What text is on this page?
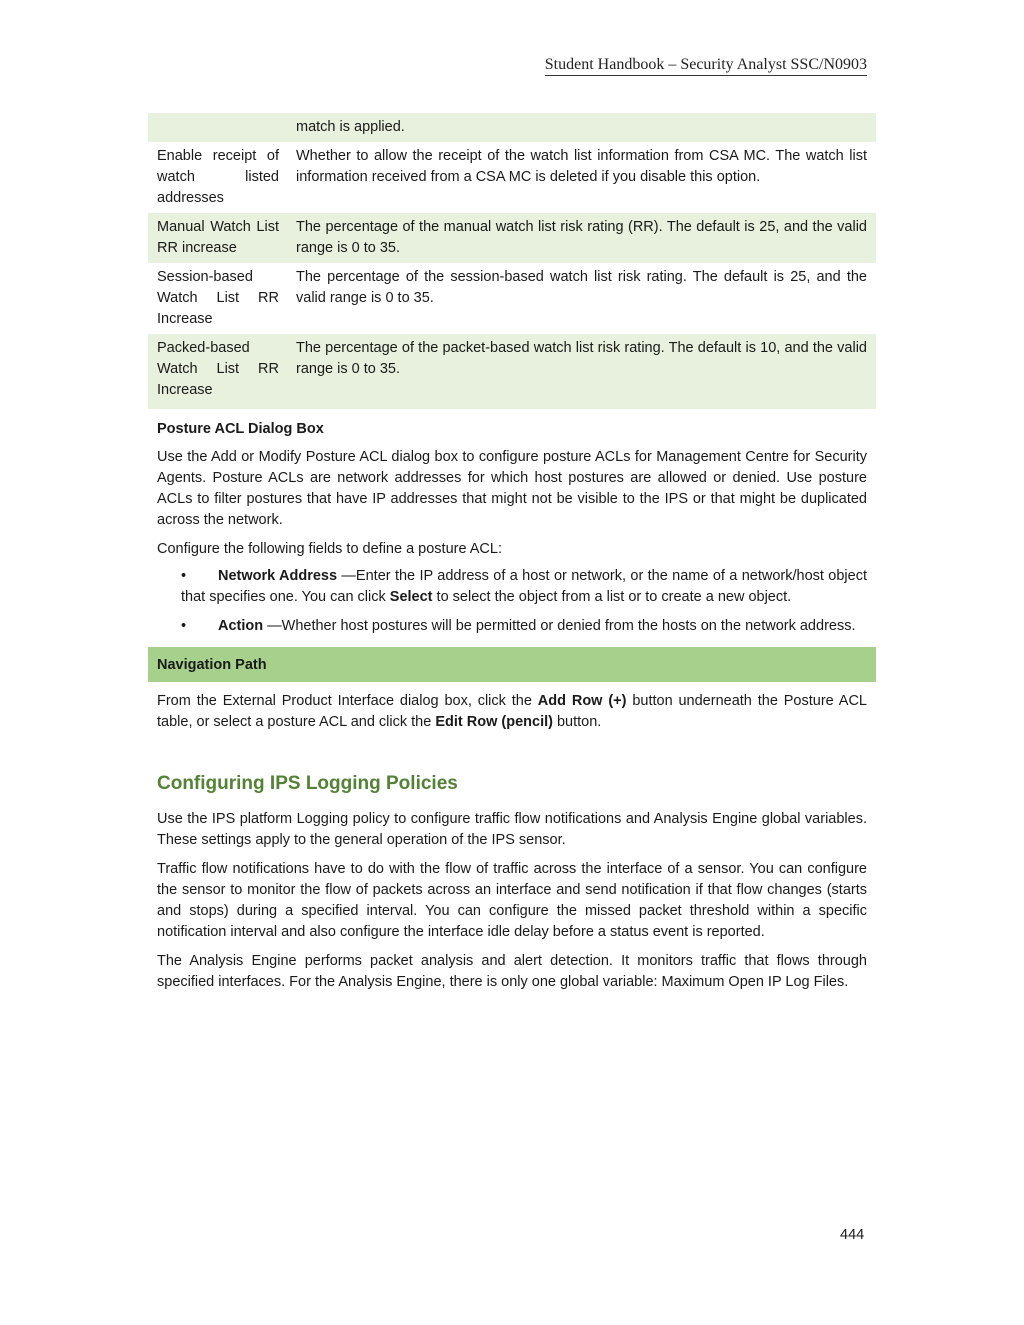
Student Handbook – Security Analyst SSC/N0903
	match is applied.
Enable receipt of watch listed addresses	Whether to allow the receipt of the watch list information from CSA MC. The watch list information received from a CSA MC is deleted if you disable this option.
Manual Watch List RR increase	The percentage of the manual watch list risk rating (RR). The default is 25, and the valid range is 0 to 35.
Session-based Watch List RR Increase	The percentage of the session-based watch list risk rating. The default is 25, and the valid range is 0 to 35.
Packed-based Watch List RR Increase	The percentage of the packet-based watch list risk rating. The default is 10, and the valid range is 0 to 35.
Posture ACL Dialog Box

Use the Add or Modify Posture ACL dialog box to configure posture ACLs for Management Centre for Security Agents. Posture ACLs are network addresses for which host postures are allowed or denied. Use posture ACLs to filter postures that have IP addresses that might not be visible to the IPS or that might be duplicated across the network.

Configure the following fields to define a posture ACL:

• Network Address —Enter the IP address of a host or network, or the name of a network/host object that specifies one. You can click Select to select the object from a list or to create a new object.
• Action —Whether host postures will be permitted or denied from the hosts on the network address.
Navigation Path

From the External Product Interface dialog box, click the Add Row (+) button underneath the Posture ACL table, or select a posture ACL and click the Edit Row (pencil) button.

Configuring IPS Logging Policies

Use the IPS platform Logging policy to configure traffic flow notifications and Analysis Engine global variables. These settings apply to the general operation of the IPS sensor.

Traffic flow notifications have to do with the flow of traffic across the interface of a sensor. You can configure the sensor to monitor the flow of packets across an interface and send notification if that flow changes (starts and stops) during a specified interval. You can configure the missed packet threshold within a specific notification interval and also configure the interface idle delay before a status event is reported.

The Analysis Engine performs packet analysis and alert detection. It monitors traffic that flows through specified interfaces. For the Analysis Engine, there is only one global variable: Maximum Open IP Log Files.

444
